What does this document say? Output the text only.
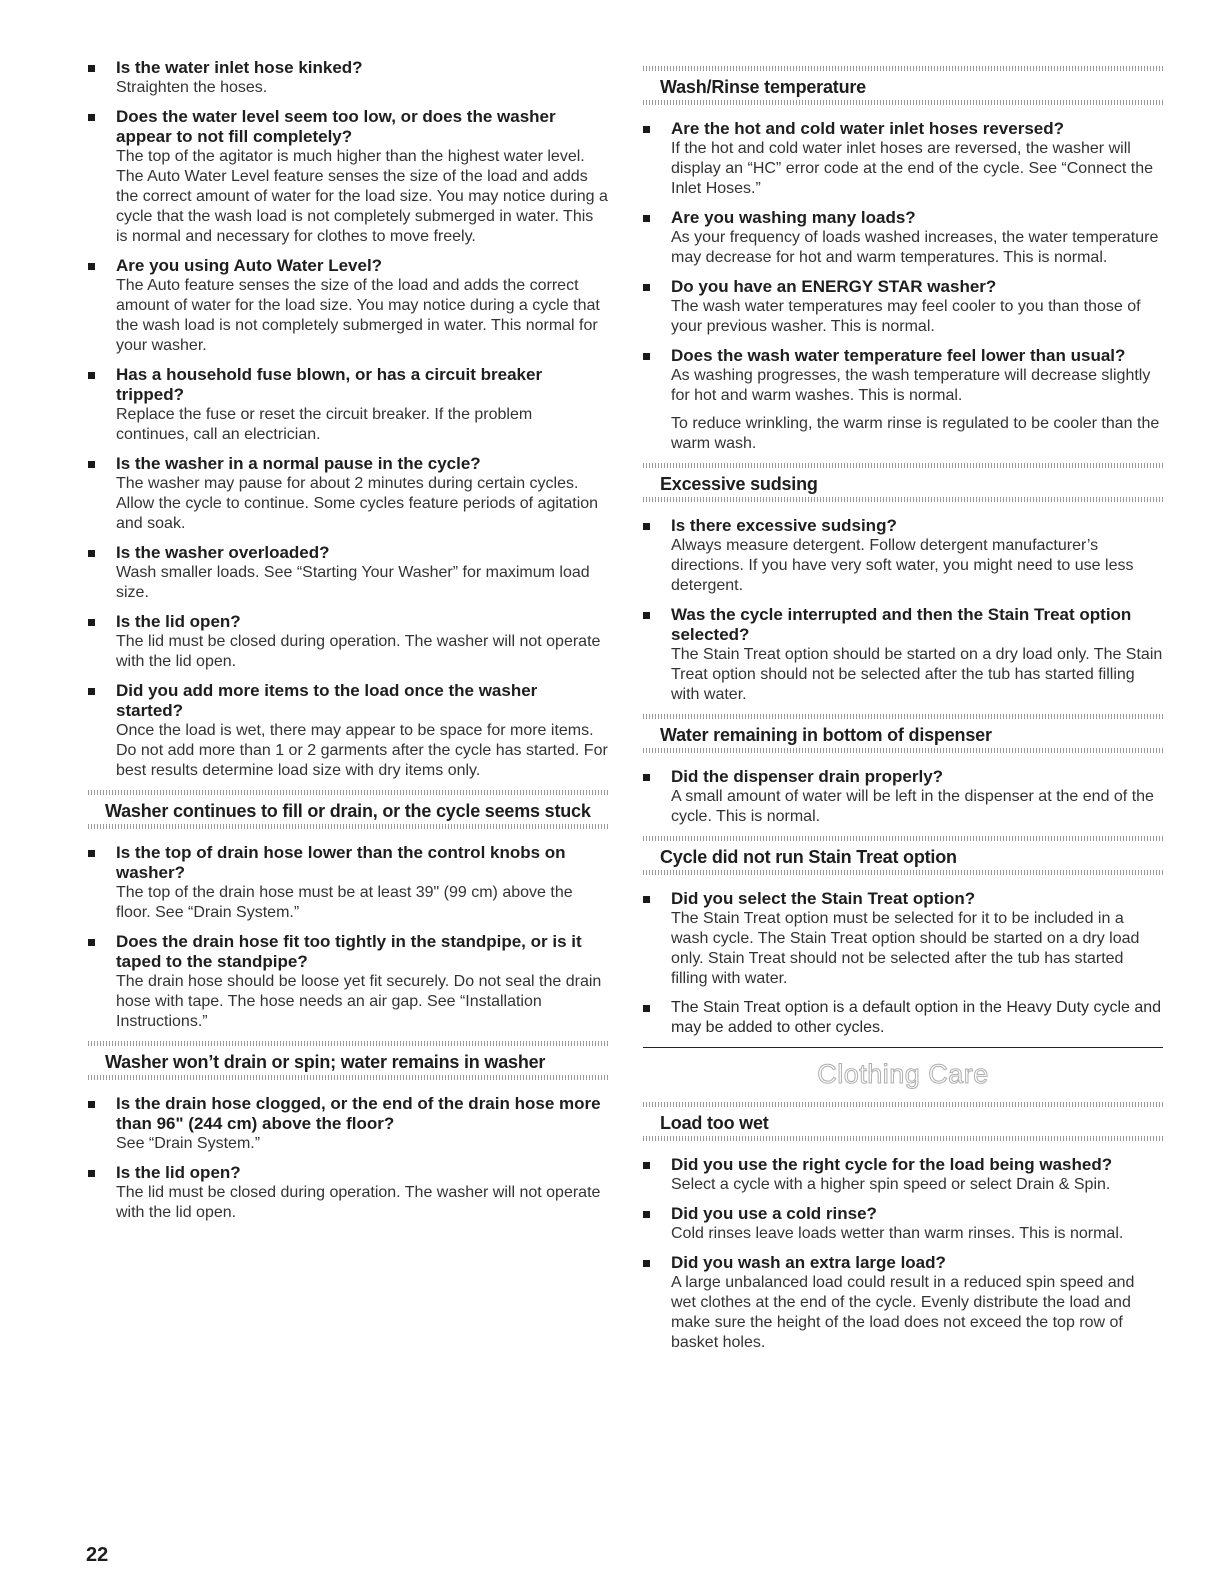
Is the water inlet hose kinked?
Straighten the hoses.
Does the water level seem too low, or does the washer appear to not fill completely?
The top of the agitator is much higher than the highest water level. The Auto Water Level feature senses the size of the load and adds the correct amount of water for the load size. You may notice during a cycle that the wash load is not completely submerged in water. This is normal and necessary for clothes to move freely.
Are you using Auto Water Level?
The Auto feature senses the size of the load and adds the correct amount of water for the load size. You may notice during a cycle that the wash load is not completely submerged in water. This normal for your washer.
Has a household fuse blown, or has a circuit breaker tripped?
Replace the fuse or reset the circuit breaker. If the problem continues, call an electrician.
Is the washer in a normal pause in the cycle?
The washer may pause for about 2 minutes during certain cycles. Allow the cycle to continue. Some cycles feature periods of agitation and soak.
Is the washer overloaded?
Wash smaller loads. See “Starting Your Washer” for maximum load size.
Is the lid open?
The lid must be closed during operation. The washer will not operate with the lid open.
Did you add more items to the load once the washer started?
Once the load is wet, there may appear to be space for more items. Do not add more than 1 or 2 garments after the cycle has started. For best results determine load size with dry items only.
Washer continues to fill or drain, or the cycle seems stuck
Is the top of drain hose lower than the control knobs on washer?
The top of the drain hose must be at least 39" (99 cm) above the floor. See “Drain System.”
Does the drain hose fit too tightly in the standpipe, or is it taped to the standpipe?
The drain hose should be loose yet fit securely. Do not seal the drain hose with tape. The hose needs an air gap. See “Installation Instructions.”
Washer won’t drain or spin; water remains in washer
Is the drain hose clogged, or the end of the drain hose more than 96" (244 cm) above the floor?
See “Drain System.”
Is the lid open?
The lid must be closed during operation. The washer will not operate with the lid open.
Wash/Rinse temperature
Are the hot and cold water inlet hoses reversed?
If the hot and cold water inlet hoses are reversed, the washer will display an “HC” error code at the end of the cycle. See “Connect the Inlet Hoses.”
Are you washing many loads?
As your frequency of loads washed increases, the water temperature may decrease for hot and warm temperatures. This is normal.
Do you have an ENERGY STAR washer?
The wash water temperatures may feel cooler to you than those of your previous washer. This is normal.
Does the wash water temperature feel lower than usual?
As washing progresses, the wash temperature will decrease slightly for hot and warm washes. This is normal.
To reduce wrinkling, the warm rinse is regulated to be cooler than the warm wash.
Excessive sudsing
Is there excessive sudsing?
Always measure detergent. Follow detergent manufacturer’s directions. If you have very soft water, you might need to use less detergent.
Was the cycle interrupted and then the Stain Treat option selected?
The Stain Treat option should be started on a dry load only. The Stain Treat option should not be selected after the tub has started filling with water.
Water remaining in bottom of dispenser
Did the dispenser drain properly?
A small amount of water will be left in the dispenser at the end of the cycle. This is normal.
Cycle did not run Stain Treat option
Did you select the Stain Treat option?
The Stain Treat option must be selected for it to be included in a wash cycle. The Stain Treat option should be started on a dry load only. Stain Treat should not be selected after the tub has started filling with water.
The Stain Treat option is a default option in the Heavy Duty cycle and may be added to other cycles.
Clothing Care
Load too wet
Did you use the right cycle for the load being washed?
Select a cycle with a higher spin speed or select Drain & Spin.
Did you use a cold rinse?
Cold rinses leave loads wetter than warm rinses. This is normal.
Did you wash an extra large load?
A large unbalanced load could result in a reduced spin speed and wet clothes at the end of the cycle. Evenly distribute the load and make sure the height of the load does not exceed the top row of basket holes.
22
